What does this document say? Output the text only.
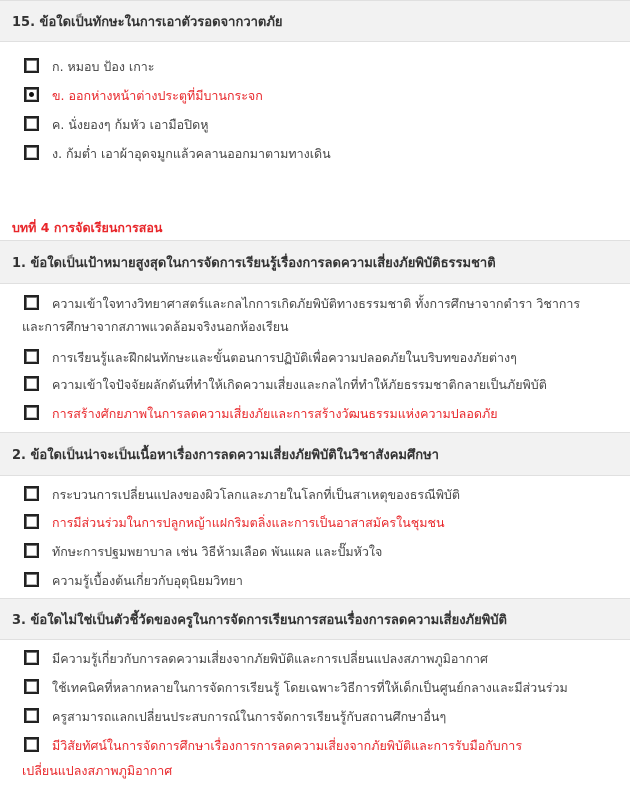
15. ข้อใดเป็นทักษะในการเอาตัวรอดจากวาตภัย
ก. หมอบ ป้อง เกาะ
ข. ออกห่างหน้าต่างประตูที่มีบานกระจก
ค. นั่งยองๆ ก้มหัว เอามือปิดหู
ง. ก้มต่ำ เอาผ้าอุดจมูกแล้วคลานออกมาตามทางเดิน
บทที่ 4 การจัดเรียนการสอน
1. ข้อใดเป็นเป้าหมายสูงสุดในการจัดการเรียนรู้เรื่องการลดความเสี่ยงภัยพิบัติธรรมชาติ
ความเข้าใจทางวิทยาศาสตร์และกลไกการเกิดภัยพิบัติทางธรรมชาติ ทั้งการศึกษาจากตำรา วิชาการ
และการศึกษาจากสภาพแวดล้อมจริงนอกห้องเรียน
การเรียนรู้และฝึกฝนทักษะและขั้นตอนการปฏิบัติเพื่อความปลอดภัยในบริบทของภัยต่างๆ
ความเข้าใจปัจจัยผลักดันที่ทำให้เกิดความเสี่ยงและกลไกที่ทำให้ภัยธรรมชาติกลายเป็นภัยพิบัติ
การสร้างศักยภาพในการลดความเสี่ยงภัยและการสร้างวัฒนธรรมแห่งความปลอดภัย
2. ข้อใดเป็นน่าจะเป็นเนื้อหาเรื่องการลดความเสี่ยงภัยพิบัติในวิชาสังคมศึกษา
กระบวนการเปลี่ยนแปลงของผิวโลกและภายในโลกที่เป็นสาเหตุของธรณีพิบัติ
การมีส่วนร่วมในการปลูกหญ้าแฝกริมตลิ่งและการเป็นอาสาสมัครในชุมชน
ทักษะการปฐมพยาบาล เช่น วิธีห้ามเลือด พันแผล และปั๊มหัวใจ
ความรู้เบื้องต้นเกี่ยวกับอุตุนิยมวิทยา
3. ข้อใดไม่ใช่เป็นตัวชี้วัดของครูในการจัดการเรียนการสอนเรื่องการลดความเสี่ยงภัยพิบัติ
มีความรู้เกี่ยวกับการลดความเสี่ยงจากภัยพิบัติและการเปลี่ยนแปลงสภาพภูมิอากาศ
ใช้เทคนิคที่หลากหลายในการจัดการเรียนรู้ โดยเฉพาะวิธีการที่ให้เด็กเป็นศูนย์กลางและมีส่วนร่วม
ครูสามารถแลกเปลี่ยนประสบการณ์ในการจัดการเรียนรู้กับสถานศึกษาอื่นๆ
มีวิสัยทัศน์ในการจัดการศึกษาเรื่องการการลดความเสี่ยงจากภัยพิบัติและการรับมือกับการ
เปลี่ยนแปลงสภาพภูมิอากาศ
